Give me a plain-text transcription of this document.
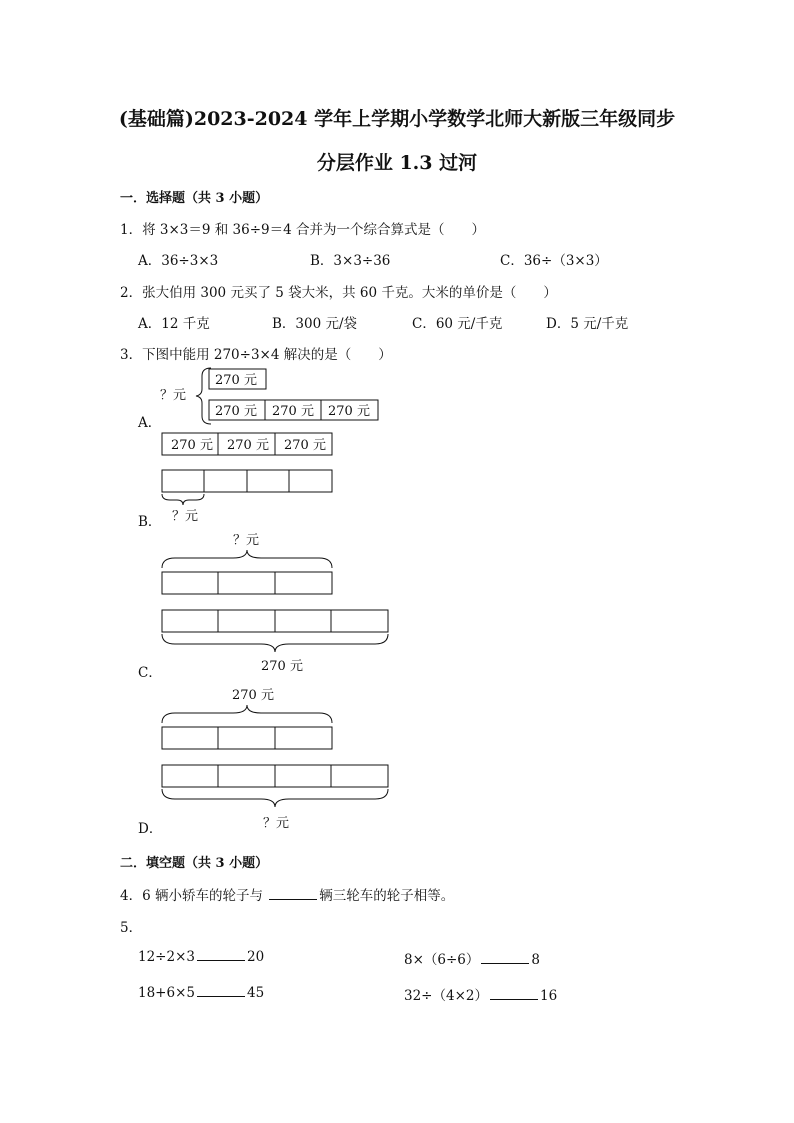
(基础篇)2023-2024 学年上学期小学数学北师大新版三年级同步
分层作业 1.3 过河
一．选择题（共 3 小题）
1．将 3×3＝9 和 36÷9＝4 合并为一个综合算式是（　　）
A．36÷3×3	B．3×3÷36	C．36÷（3×3）
2．张大伯用 300 元买了 5 袋大米，共 60 千克。大米的单价是（　　）
A．12 千克	B．300 元/袋	C．60 元/千克	D．5 元/千克
3．下图中能用 270÷3×4 解决的是（　　）
？元
270 元
270 元 270 元 270 元
A．
270 元 270 元 270 元
？元
B．
？元
270 元
C．
270 元
？元
D．
二．填空题（共 3 小题）
4．6 辆小轿车的轮子与	辆三轮车的轮子相等。
5．
12÷2×3	20	8×（6÷6）	8
18+6×5	45	32÷（4×2）	16
